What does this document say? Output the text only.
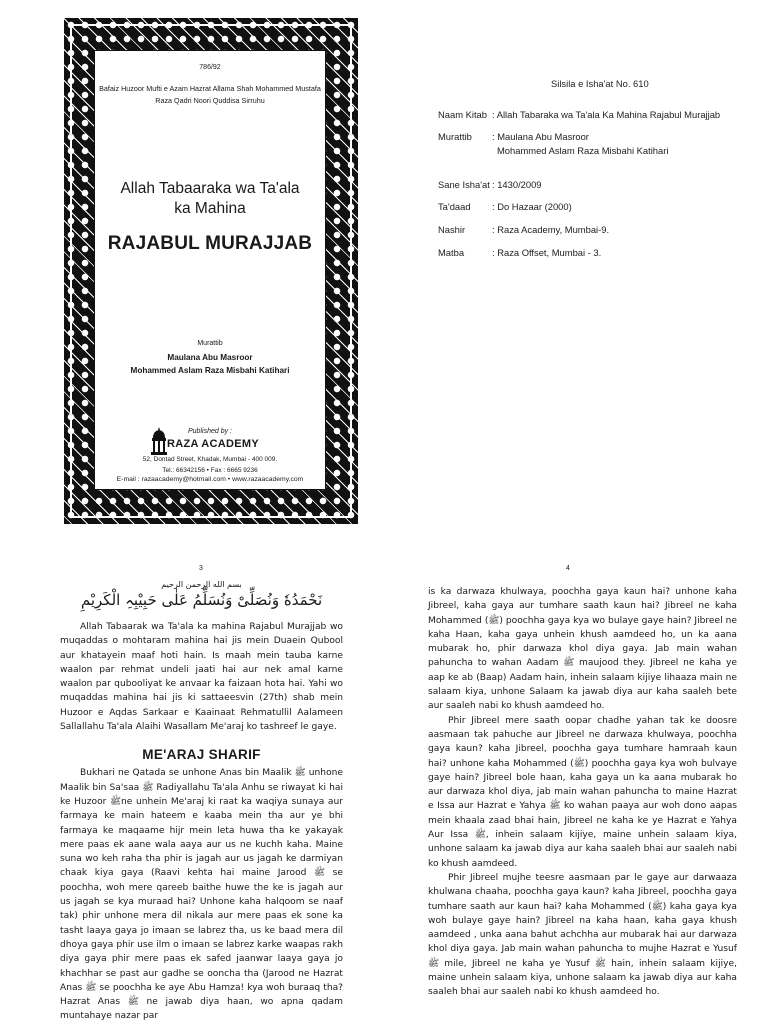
786/92
Bafaiz Huzoor Mufti e Azam Hazrat Allama Shah Mohammed Mustafa Raza Qadri Noori Quddisa Sirruhu
Allah Tabaaraka wa Ta'ala
ka Mahina
RAJABUL MURAJJAB
Murattib
Maulana Abu Masroor
Mohammed Aslam Raza Misbahi Katihari
Published by :
RAZA ACADEMY
52, Dontad Street, Khadak, Mumbai - 400 009.
Tel.: 66342156 • Fax : 6665 9236
E-mail : razaacademy@hotmail.com • www.razaacademy.com
Silsila e Isha'at No. 610
Naam Kitab : Allah Tabaraka wa Ta'ala Ka Mahina Rajabul Murajjab
Murattib : Maulana Abu Masroor
Mohammed Aslam Raza Misbahi Katihari
Sane Isha'at : 1430/2009
Ta'daad : Do Hazaar (2000)
Nashir	: Raza Academy, Mumbai-9.
Matba	: Raza Offset, Mumbai - 3.
3	4
بسم الله الرحمن الرحیم
نَحْمَدُهٗ وَنُصَلِّیْ وَنُسَلِّمُ عَلٰی حَبِیْبِہِ الْکَرِیْمِ

Allah Tabaarak wa Ta'ala ka mahina Rajabul Murajjab wo muqaddas o mohtaram mahina hai jis mein Duaein Qubool aur khatayein maaf hoti hain. Is maah mein tauba karne waalon par rehmat undeli jaati hai aur nek amal karne waalon par qubooliyat ke anvaar ka faizaan hota hai. Yahi wo muqaddas mahina hai jis ki sattaeesvin (27th) shab mein Huzoor e Aqdas Sarkaar e Kaainaat Rehmatullil Aalameen Sallallahu Ta'ala Alaihi Wasallam Me'araj ko tashreef le gaye.

ME'ARAJ SHARIF

Bukhari ne Qatada se unhone Anas bin Maalik ﷺ unhone Maalik bin Sa'saa ﷺ Radiyallahu Ta'ala Anhu se riwayat ki hai ke Huzoor ﷺne unhein Me'araj ki raat ka waqiya sunaya aur farmaya ke main hateem e kaaba mein tha aur ye bhi farmaya ke maqaame hijr mein leta huwa tha ke yakayak mere paas ek aane wala aaya aur us ne kuchh kaha. Maine suna wo keh raha tha phir is jagah aur us jagah ke darmiyan chaak kiya gaya (Raavi kehta hai maine Jarood ﷺ se poochha, woh mere qareeb baithe huwe the ke is jagah aur us jagah se kya muraad hai? Unhone kaha halqoom se naaf tak) phir unhone mera dil nikala aur mere paas ek sone ka tasht laaya gaya jo imaan se labrez tha, us ke baad mera dil dhoya gaya phir use ilm o imaan se labrez karke waapas rakh diya gaya phir mere paas ek safed jaanwar laaya gaya jo khachhar se past aur gadhe se ooncha tha (Jarood ne Hazrat Anas ﷺ se poochha ke aye Abu Hamza! kya woh buraaq tha? Hazrat Anas ﷺ ne jawab diya haan, wo apna qadam muntahaye nazar par

is ka darwaza khulwaya, poochha gaya kaun hai? unhone kaha Jibreel, kaha gaya aur tumhare saath kaun hai? Jibreel ne kaha Mohammed (ﷺ) poochha gaya kya wo bulaye gaye hain? Jibreel ne kaha Haan, kaha gaya unhein khush aamdeed ho, un ka aana mubarak ho, phir darwaza khol diya gaya. Jab main wahan pahuncha to wahan Aadam ﷺ maujood they. Jibreel ne kaha ye aap ke ab (Baap) Aadam hain, inhein salaam kijiye lihaaza main ne salaam kiya, unhone Salaam ka jawab diya aur kaha saaleh bete aur saaleh nabi ko khush aamdeed ho.

Phir Jibreel mere saath oopar chadhe yahan tak ke doosre aasmaan tak pahuche aur Jibreel ne darwaza khulwaya, poochha gaya kaun? kaha Jibreel, poochha gaya tumhare hamraah kaun hai? unhone kaha Mohammed (ﷺ) poochha gaya kya woh bulvaye gaye hain? Jibreel bole haan, kaha gaya un ka aana mubarak ho aur darwaza khol diya, jab main wahan pahuncha to maine Hazrat e Issa aur Hazrat e Yahya ﷺ ko wahan paaya aur woh dono aapas mein khaala zaad bhai hain, Jibreel ne kaha ke ye Hazrat e Yahya Aur Issa ﷺ, inhein salaam kijiye, maine unhein salaam kiya, unhone salaam ka jawab diya aur kaha saaleh bhai aur saaleh nabi ko khush aamdeed.

Phir Jibreel mujhe teesre aasmaan par le gaye aur darwaaza khulwana chaaha, poochha gaya kaun? kaha Jibreel, poochha gaya tumhare saath aur kaun hai? kaha Mohammed (ﷺ) kaha gaya kya woh bulaye gaye hain? Jibreel na kaha haan, kaha gaya khush aamdeed , unka aana bahut achchha aur mubarak hai aur darwaza khol diya gaya. Jab main wahan pahuncha to mujhe Hazrat e Yusuf ﷺ mile, Jibreel ne kaha ye Yusuf ﷺ hain, inhein salaam kijiye, maine unhein salaam kiya, unhone salaam ka jawab diya aur kaha saaleh bhai aur saaleh nabi ko khush aamdeed ho.
